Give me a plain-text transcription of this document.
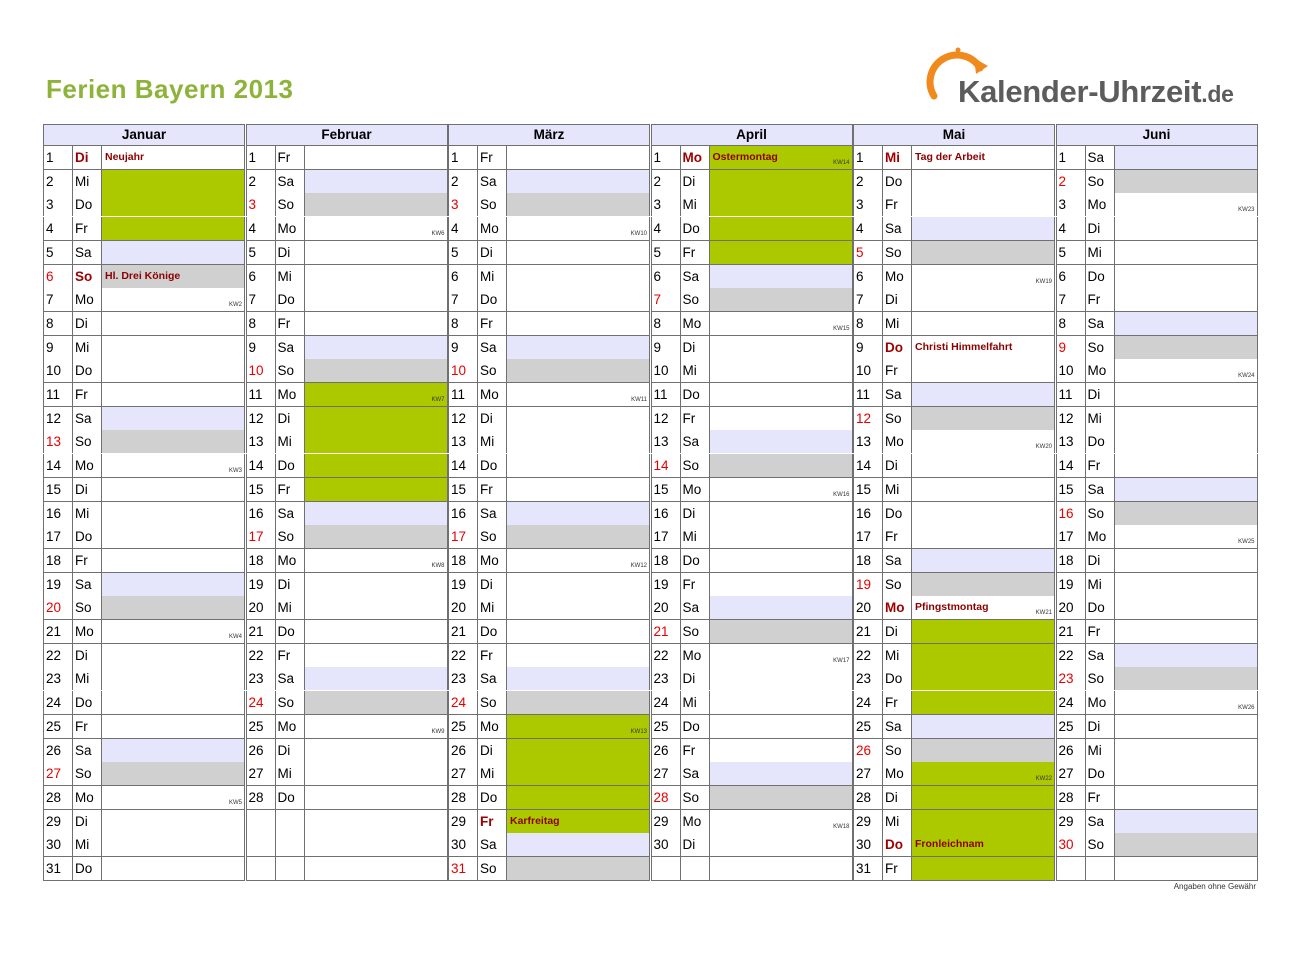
Ferien Bayern 2013	Kalender-Uhrzeit.de
Januar
1	Di	Neujahr
2	Mi
3	Do
4	Fr
5	Sa
6	So	Hl. Drei Könige
7	Mo	KW2
8	Di
9	Mi
10	Do
11	Fr
12	Sa
13	So
14	Mo	KW3
15	Di
16	Mi
17	Do
18	Fr
19	Sa
20	So
21	Mo	KW4
22	Di
23	Mi
24	Do
25	Fr
26	Sa
27	So
28	Mo	KW5
29	Di
30	Mi
31	Do
Februar
1	Fr
2	Sa
3	So
4	Mo	KW6
5	Di
6	Mi
7	Do
8	Fr
9	Sa
10	So
11	Mo	KW7
12	Di
13	Mi
14	Do
15	Fr
16	Sa
17	So
18	Mo	KW8
19	Di
20	Mi
21	Do
22	Fr
23	Sa
24	So
25	Mo	KW9
26	Di
27	Mi
28	Do
März
1	Fr
2	Sa
3	So
4	Mo	KW10
5	Di
6	Mi
7	Do
8	Fr
9	Sa
10	So
11	Mo	KW11
12	Di
13	Mi
14	Do
15	Fr
16	Sa
17	So
18	Mo	KW12
19	Di
20	Mi
21	Do
22	Fr
23	Sa
24	So
25	Mo	KW13
26	Di
27	Mi
28	Do
29	Fr	Karfreitag
30	Sa
31	So
April
1	Mo	Ostermontag	KW14
2	Di
3	Mi
4	Do
5	Fr
6	Sa
7	So
8	Mo	KW15
9	Di
10	Mi
11	Do
12	Fr
13	Sa
14	So
15	Mo	KW16
16	Di
17	Mi
18	Do
19	Fr
20	Sa
21	So
22	Mo	KW17
23	Di
24	Mi
25	Do
26	Fr
27	Sa
28	So
29	Mo	KW18
30	Di
Mai
1	Mi	Tag der Arbeit
2	Do
3	Fr
4	Sa
5	So
6	Mo	KW19
7	Di
8	Mi
9	Do	Christi Himmelfahrt
10	Fr
11	Sa
12	So
13	Mo	KW20
14	Di
15	Mi
16	Do
17	Fr
18	Sa
19	So
20	Mo	Pfingstmontag	KW21
21	Di
22	Mi
23	Do
24	Fr
25	Sa
26	So
27	Mo	KW22
28	Di
29	Mi
30	Do	Fronleichnam
31	Fr
Juni
1	Sa
2	So
3	Mo	KW23
4	Di
5	Mi
6	Do
7	Fr
8	Sa
9	So
10	Mo	KW24
11	Di
12	Mi
13	Do
14	Fr
15	Sa
16	So
17	Mo	KW25
18	Di
19	Mi
20	Do
21	Fr
22	Sa
23	So
24	Mo	KW26
25	Di
26	Mi
27	Do
28	Fr
29	Sa
30	So
Angaben ohne Gewähr
